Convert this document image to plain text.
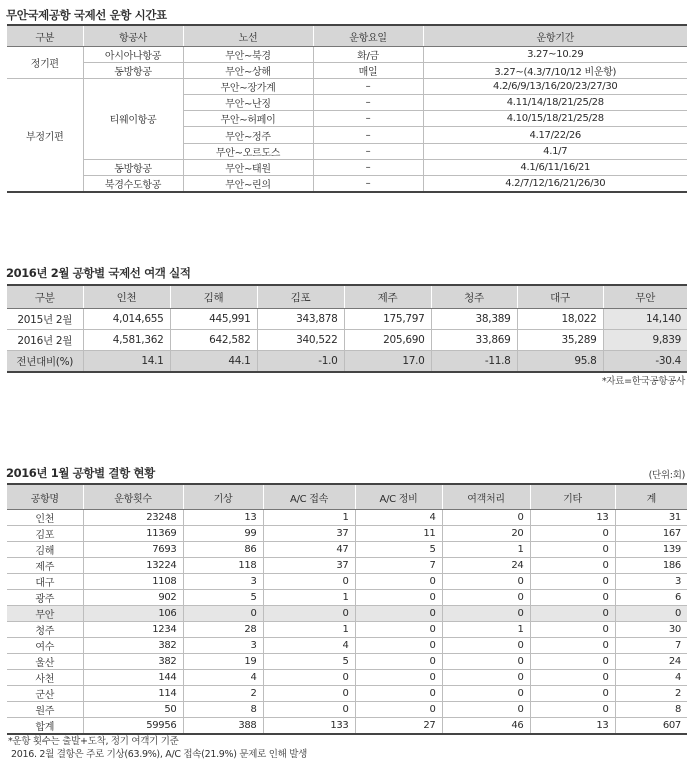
무안국제공항 국제선 운항 시간표
구분	항공사	노선	운항요일	운항기간
정기편	아시아나항공	무안~북경	화/금	3.27~10.29
	동방항공	무안~상해	매일	3.27~(4.3/7/10/12 비운항)
부정기편	티웨이항공	무안~장가계	–	4.2/6/9/13/16/20/23/27/30
		무안~난징	–	4.11/14/18/21/25/28
		무안~허페이	–	4.10/15/18/21/25/28
		무안~정주	–	4.17/22/26
		무안~오르도스	–	4.1/7
	동방항공	무안~태원	–	4.1/6/11/16/21
	북경수도항공	무안~린의	–	4.2/7/12/16/21/26/30
2016년 2월 공항별 국제선 여객 실적
구분	인천	김해	김포	제주	청주	대구	무안
2015년 2월	4,014,655	445,991	343,878	175,797	38,389	18,022	14,140
2016년 2월	4,581,362	642,582	340,522	205,690	33,869	35,289	9,839
전년대비(%)	14.1	44.1	-1.0	17.0	-11.8	95.8	-30.4
*자료=한국공항공사
2016년 1월 공항별 결항 현황	(단위:회)
공항명	운항횟수	기상	A/C 접속	A/C 정비	여객처리	기타	계
인천	23248	13	1	4	0	13	31
김포	11369	99	37	11	20	0	167
김해	7693	86	47	5	1	0	139
제주	13224	118	37	7	24	0	186
대구	1108	3	0	0	0	0	3
광주	902	5	1	0	0	0	6
무안	106	0	0	0	0	0	0
청주	1234	28	1	0	1	0	30
여수	382	3	4	0	0	0	7
울산	382	19	5	0	0	0	24
사천	144	4	0	0	0	0	4
군산	114	2	0	0	0	0	2
원주	50	8	0	0	0	0	8
합계	59956	388	133	27	46	13	607
*운항 횟수는 출발+도착, 정기 여객기 기준
2016. 2월 결항은 주로 기상(63.9%), A/C 접속(21.9%) 문제로 인해 발생
